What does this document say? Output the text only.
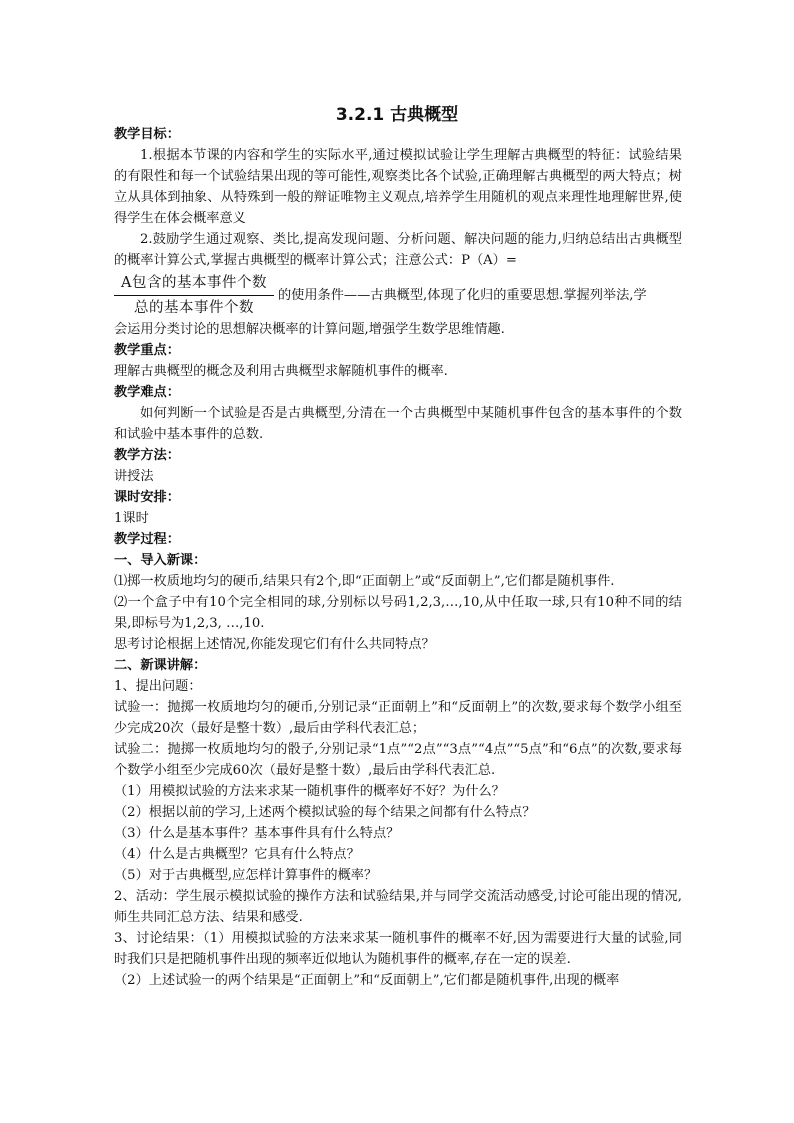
3.2.1 古典概型

教学目标：

1.根据本节课的内容和学生的实际水平,通过模拟试验让学生理解古典概型的特征：试验结果的有限性和每一个试验结果出现的等可能性,观察类比各个试验,正确理解古典概型的两大特点；树立从具体到抽象、从特殊到一般的辩证唯物主义观点,培养学生用随机的观点来理性地理解世界,使得学生在体会概率意义

2.鼓励学生通过观察、类比,提高发现问题、分析问题、解决问题的能力,归纳总结出古典概型的概率计算公式,掌握古典概型的概率计算公式；注意公式：P（A）=

$\frac{\text{A包含的基本事件个数}}{\text{总的基本事件个数}}$ 的使用条件——古典概型,体现了化归的重要思想.掌握列举法,学

会运用分类讨论的思想解决概率的计算问题,增强学生数学思维情趣.

教学重点：

理解古典概型的概念及利用古典概型求解随机事件的概率.

教学难点：

如何判断一个试验是否是古典概型,分清在一个古典概型中某随机事件包含的基本事件的个数和试验中基本事件的总数.

教学方法：

讲授法

课时安排：

1课时

教学过程：

一、导入新课：

⑴掷一枚质地均匀的硬币,结果只有2个,即“正面朝上”或“反面朝上”,它们都是随机事件.

⑵一个盒子中有10个完全相同的球,分别标以号码1,2,3,…,10,从中任取一球,只有10种不同的结果,即标号为1,2,3, …,10.

思考讨论根据上述情况,你能发现它们有什么共同特点？

二、新课讲解：

1、提出问题：

试验一：抛掷一枚质地均匀的硬币,分别记录“正面朝上”和“反面朝上”的次数,要求每个数学小组至少完成20次（最好是整十数）,最后由学科代表汇总；

试验二：抛掷一枚质地均匀的骰子,分别记录“1点”“2点”“3点”“4点”“5点”和“6点”的次数,要求每个数学小组至少完成60次（最好是整十数）,最后由学科代表汇总.

（1）用模拟试验的方法来求某一随机事件的概率好不好？为什么？

（2）根据以前的学习,上述两个模拟试验的每个结果之间都有什么特点？

（3）什么是基本事件？基本事件具有什么特点？

（4）什么是古典概型？它具有什么特点？

（5）对于古典概型,应怎样计算事件的概率？

2、活动：学生展示模拟试验的操作方法和试验结果,并与同学交流活动感受,讨论可能出现的情况,师生共同汇总方法、结果和感受.

3、讨论结果：（1）用模拟试验的方法来求某一随机事件的概率不好,因为需要进行大量的试验,同时我们只是把随机事件出现的频率近似地认为随机事件的概率,存在一定的误差.

（2）上述试验一的两个结果是“正面朝上”和“反面朝上”,它们都是随机事件,出现的概率
